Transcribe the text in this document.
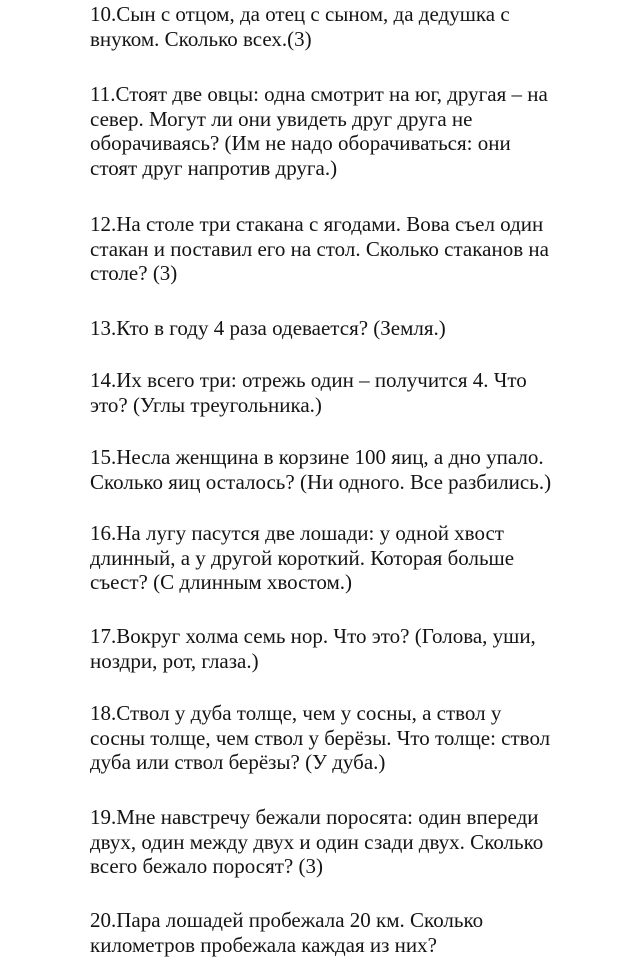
10.Сын с отцом, да отец с сыном, да дедушка с
внуком. Сколько всех.(3)

11.Стоят две овцы: одна смотрит на юг, другая – на
север. Могут ли они увидеть друг друга не
оборачиваясь? (Им не надо оборачиваться: они
стоят друг напротив друга.)

12.На столе три стакана с ягодами. Вова съел один
стакан и поставил его на стол. Сколько стаканов на
столе? (3)

13.Кто в году 4 раза одевается? (Земля.)

14.Их всего три: отрежь один – получится 4. Что
это? (Углы треугольника.)

15.Несла женщина в корзине 100 яиц, а дно упало.
Сколько яиц осталось? (Ни одного. Все разбились.)

16.На лугу пасутся две лошади: у одной хвост
длинный, а у другой короткий. Которая больше
съест? (С длинным хвостом.)

17.Вокруг холма семь нор. Что это? (Голова, уши,
ноздри, рот, глаза.)

18.Ствол у дуба толще, чем у сосны, а ствол у
сосны толще, чем ствол у берёзы. Что толще: ствол
дуба или ствол берёзы? (У дуба.)

19.Мне навстречу бежали поросята: один впереди
двух, один между двух и один сзади двух. Сколько
всего бежало поросят? (3)

20.Пара лошадей пробежала 20 км. Сколько
километров пробежала каждая из них?
